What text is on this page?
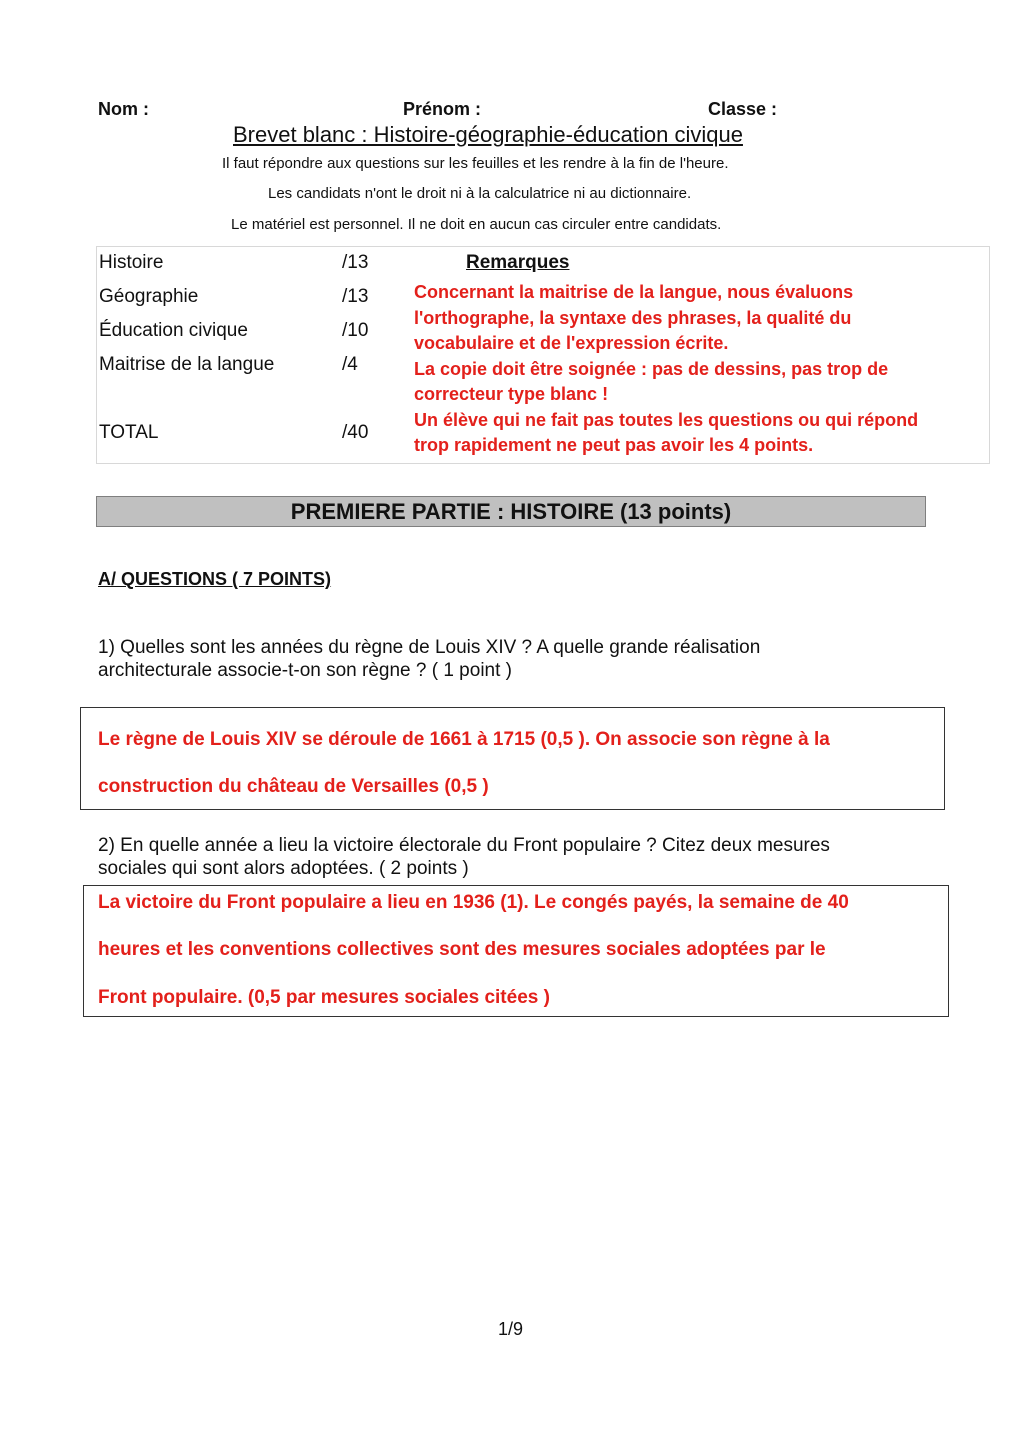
Nom :	Prénom :	Classe :
Brevet blanc : Histoire-géographie-éducation civique
Il faut répondre aux questions sur les feuilles et les rendre à la fin de l'heure.
Les candidats n'ont le droit ni à la calculatrice ni au dictionnaire.
Le matériel est personnel. Il ne doit en aucun cas circuler entre candidats.
Histoire	/13
Géographie	/13
Éducation civique	/10
Maitrise de la langue	/4
TOTAL	/40
Remarques
Concernant la maitrise de la langue, nous évaluons
l'orthographe, la syntaxe des phrases, la qualité du
vocabulaire et de l'expression écrite.
La copie doit être soignée : pas de dessins, pas trop de
correcteur type blanc !
Un élève qui ne fait pas toutes les questions ou qui répond
trop rapidement ne peut pas avoir les 4 points.
PREMIERE PARTIE : HISTOIRE (13 points)
A/ QUESTIONS ( 7 POINTS)
1) Quelles sont les années du règne de Louis XIV ? A quelle grande réalisation
architecturale associe-t-on son règne ? ( 1 point )
Le règne de Louis XIV se déroule de 1661 à 1715 (0,5 ). On associe son règne à la
construction du château de Versailles (0,5 )
2) En quelle année a lieu la victoire électorale du Front populaire ? Citez deux mesures
sociales qui sont alors adoptées. ( 2 points )
La victoire du Front populaire a lieu en 1936 (1). Le congés payés, la semaine de 40
heures et les conventions collectives sont des mesures sociales adoptées par le
Front populaire. (0,5 par mesures sociales citées )
1/9
